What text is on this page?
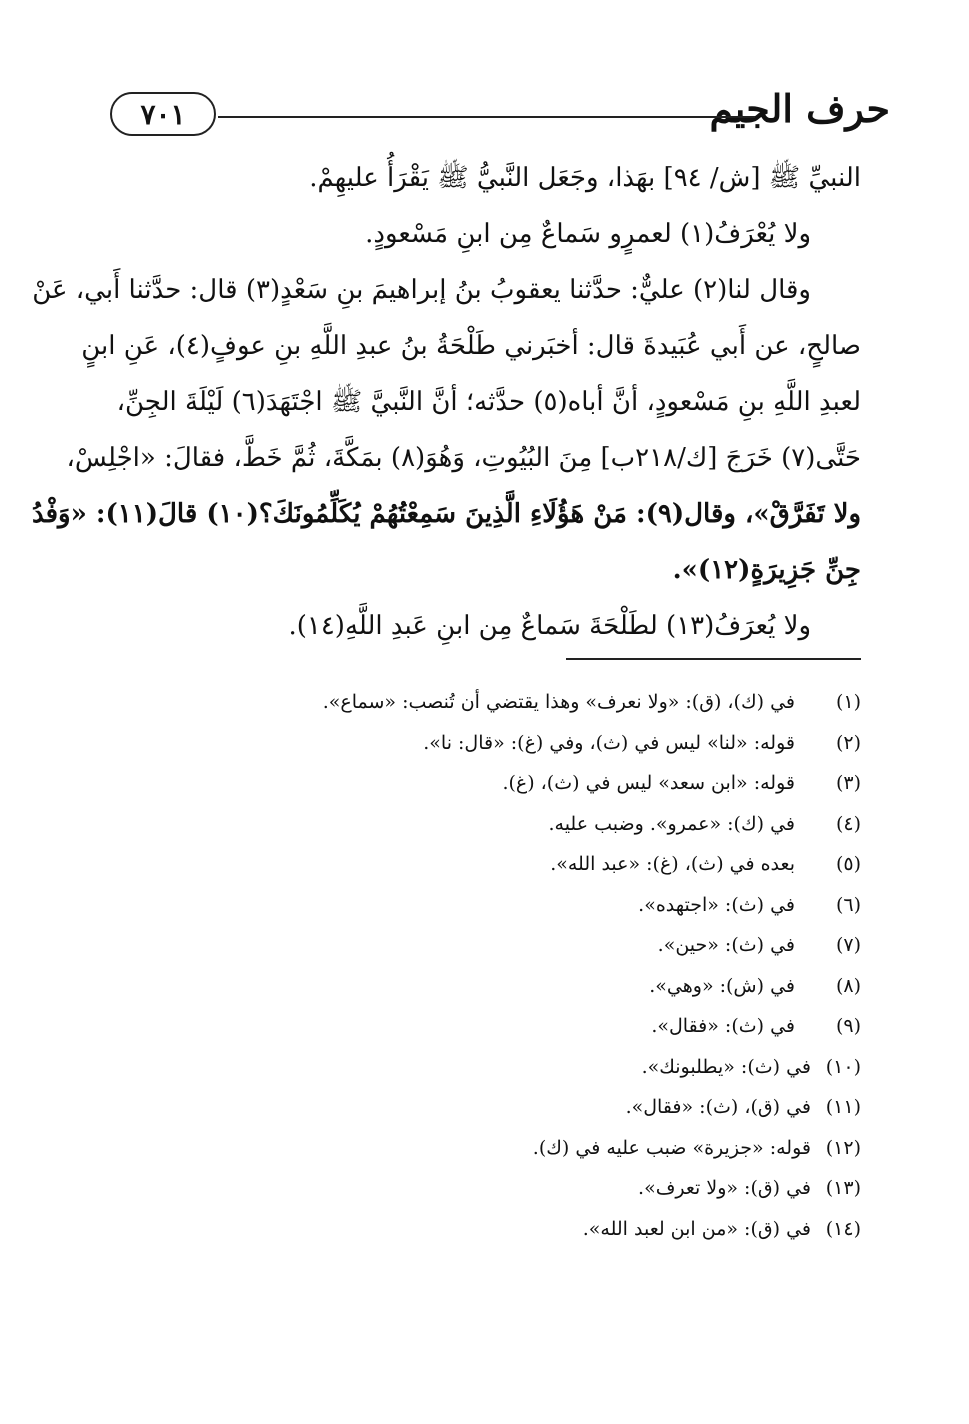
حرف الجيم
٧٠١
النبيِّ ﷺ [ش/ ٩٤] بهَذا، وجَعَل النَّبيُّ ﷺ يَقْرَأُ عليهِمْ.
ولا يُعْرَفُ(١) لعمرٍو سَماعٌ مِن ابنِ مَسْعودٍ.
وقال لنا(٢) عليٌّ: حدَّثنا يعقوبُ بنُ إبراهيمَ بنِ سَعْدٍ(٣) قال: حدَّثنا أَبي، عَنْ
صالحٍ، عن أَبي عُبَيدةَ قال: أخبَرني طَلْحَةُ بنُ عبدِ اللَّهِ بنِ عوفٍ(٤)، عَنِ ابنٍ
لعبدِ اللَّهِ بنِ مَسْعودٍ، أنَّ أباه(٥) حدَّثه؛ أنَّ النَّبيَّ ﷺ اجْتَهَدَ(٦) لَيْلَةَ الجِنِّ،
حَتَّى(٧) خَرَجَ [ك/٢١٨ب] مِنَ البُيُوتِ، وَهُوَ(٨) بمَكَّةَ، ثُمَّ خَطَّ، فقالَ: «اجْلِسْ،
ولا تَفَرَّقْ»، وقال(٩): مَنْ هَؤُلَاءِ الَّذِينَ سَمِعْتُهُمْ يُكَلِّمُونَكَ؟(١٠) قالَ(١١): «وَفْدُ
جِنِّ جَزِيرَةٍ(١٢)».
ولا يُعرَفُ(١٣) لطَلْحَةَ سَماعٌ مِن ابنِ عَبدِ اللَّهِ(١٤).
(١)
في (ك)، (ق): «ولا نعرف» وهذا يقتضي أن تُنصب: «سماع».
(٢)
قوله: «لنا» ليس في (ث)، وفي (غ): «قال: نا».
(٣)
قوله: «ابن سعد» ليس في (ث)، (غ).
(٤)
في (ك): «عمرو». وضبب عليه.
(٥)
بعده في (ث)، (غ): «عبد الله».
(٦)
في (ث): «اجتهده».
(٧)
في (ث): «حين».
(٨)
في (ش): «وهي».
(٩)
في (ث): «فقال».
(١٠)
في (ث): «يطلبونك».
(١١)
في (ق)، (ث): «فقال».
(١٢)
قوله: «جزيرة» ضبب عليه في (ك).
(١٣)
في (ق): «ولا تعرف».
(١٤)
في (ق): «من ابن لعبد الله».
